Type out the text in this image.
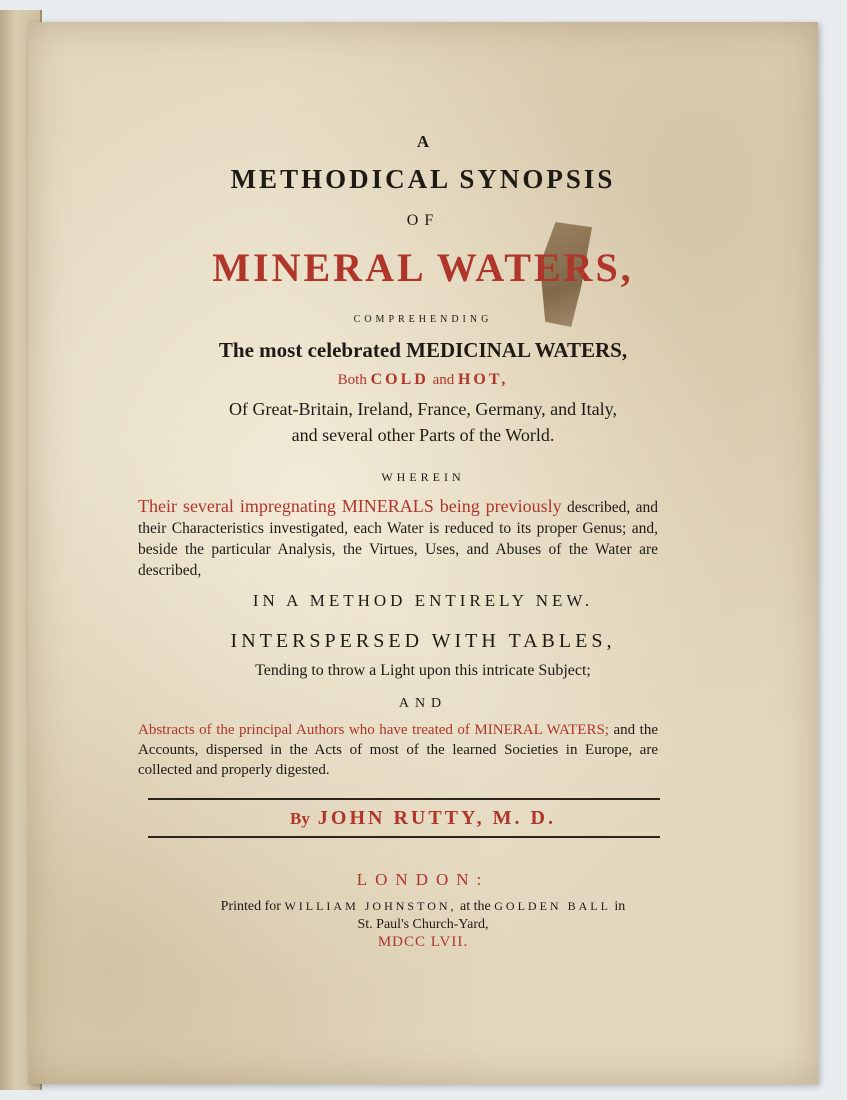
A
METHODICAL SYNOPSIS
OF
MINERAL WATERS,
COMPREHENDING
The most celebrated MEDICINAL WATERS,
Both COLD and HOT,
Of Great-Britain, Ireland, France, Germany, and Italy,
and several other Parts of the World.
WHEREIN
Their several impregnating MINERALS being previously described, and their Characteristics investigated, each Water is reduced to its proper Genus; and, beside the particular Analysis, the Virtues, Uses, and Abuses of the Water are described,
IN A METHOD ENTIRELY NEW.
INTERSPERSED WITH TABLES,
Tending to throw a Light upon this intricate Subject;
AND
Abstracts of the principal Authors who have treated of MINERAL WATERS; and the Accounts, dispersed in the Acts of most of the learned Societies in Europe, are collected and properly digested.
By JOHN RUTTY, M. D.
LONDON:
Printed for WILLIAM JOHNSTON, at the GOLDEN BALL in
St. Paul's Church-Yard,
MDCC LVII.
